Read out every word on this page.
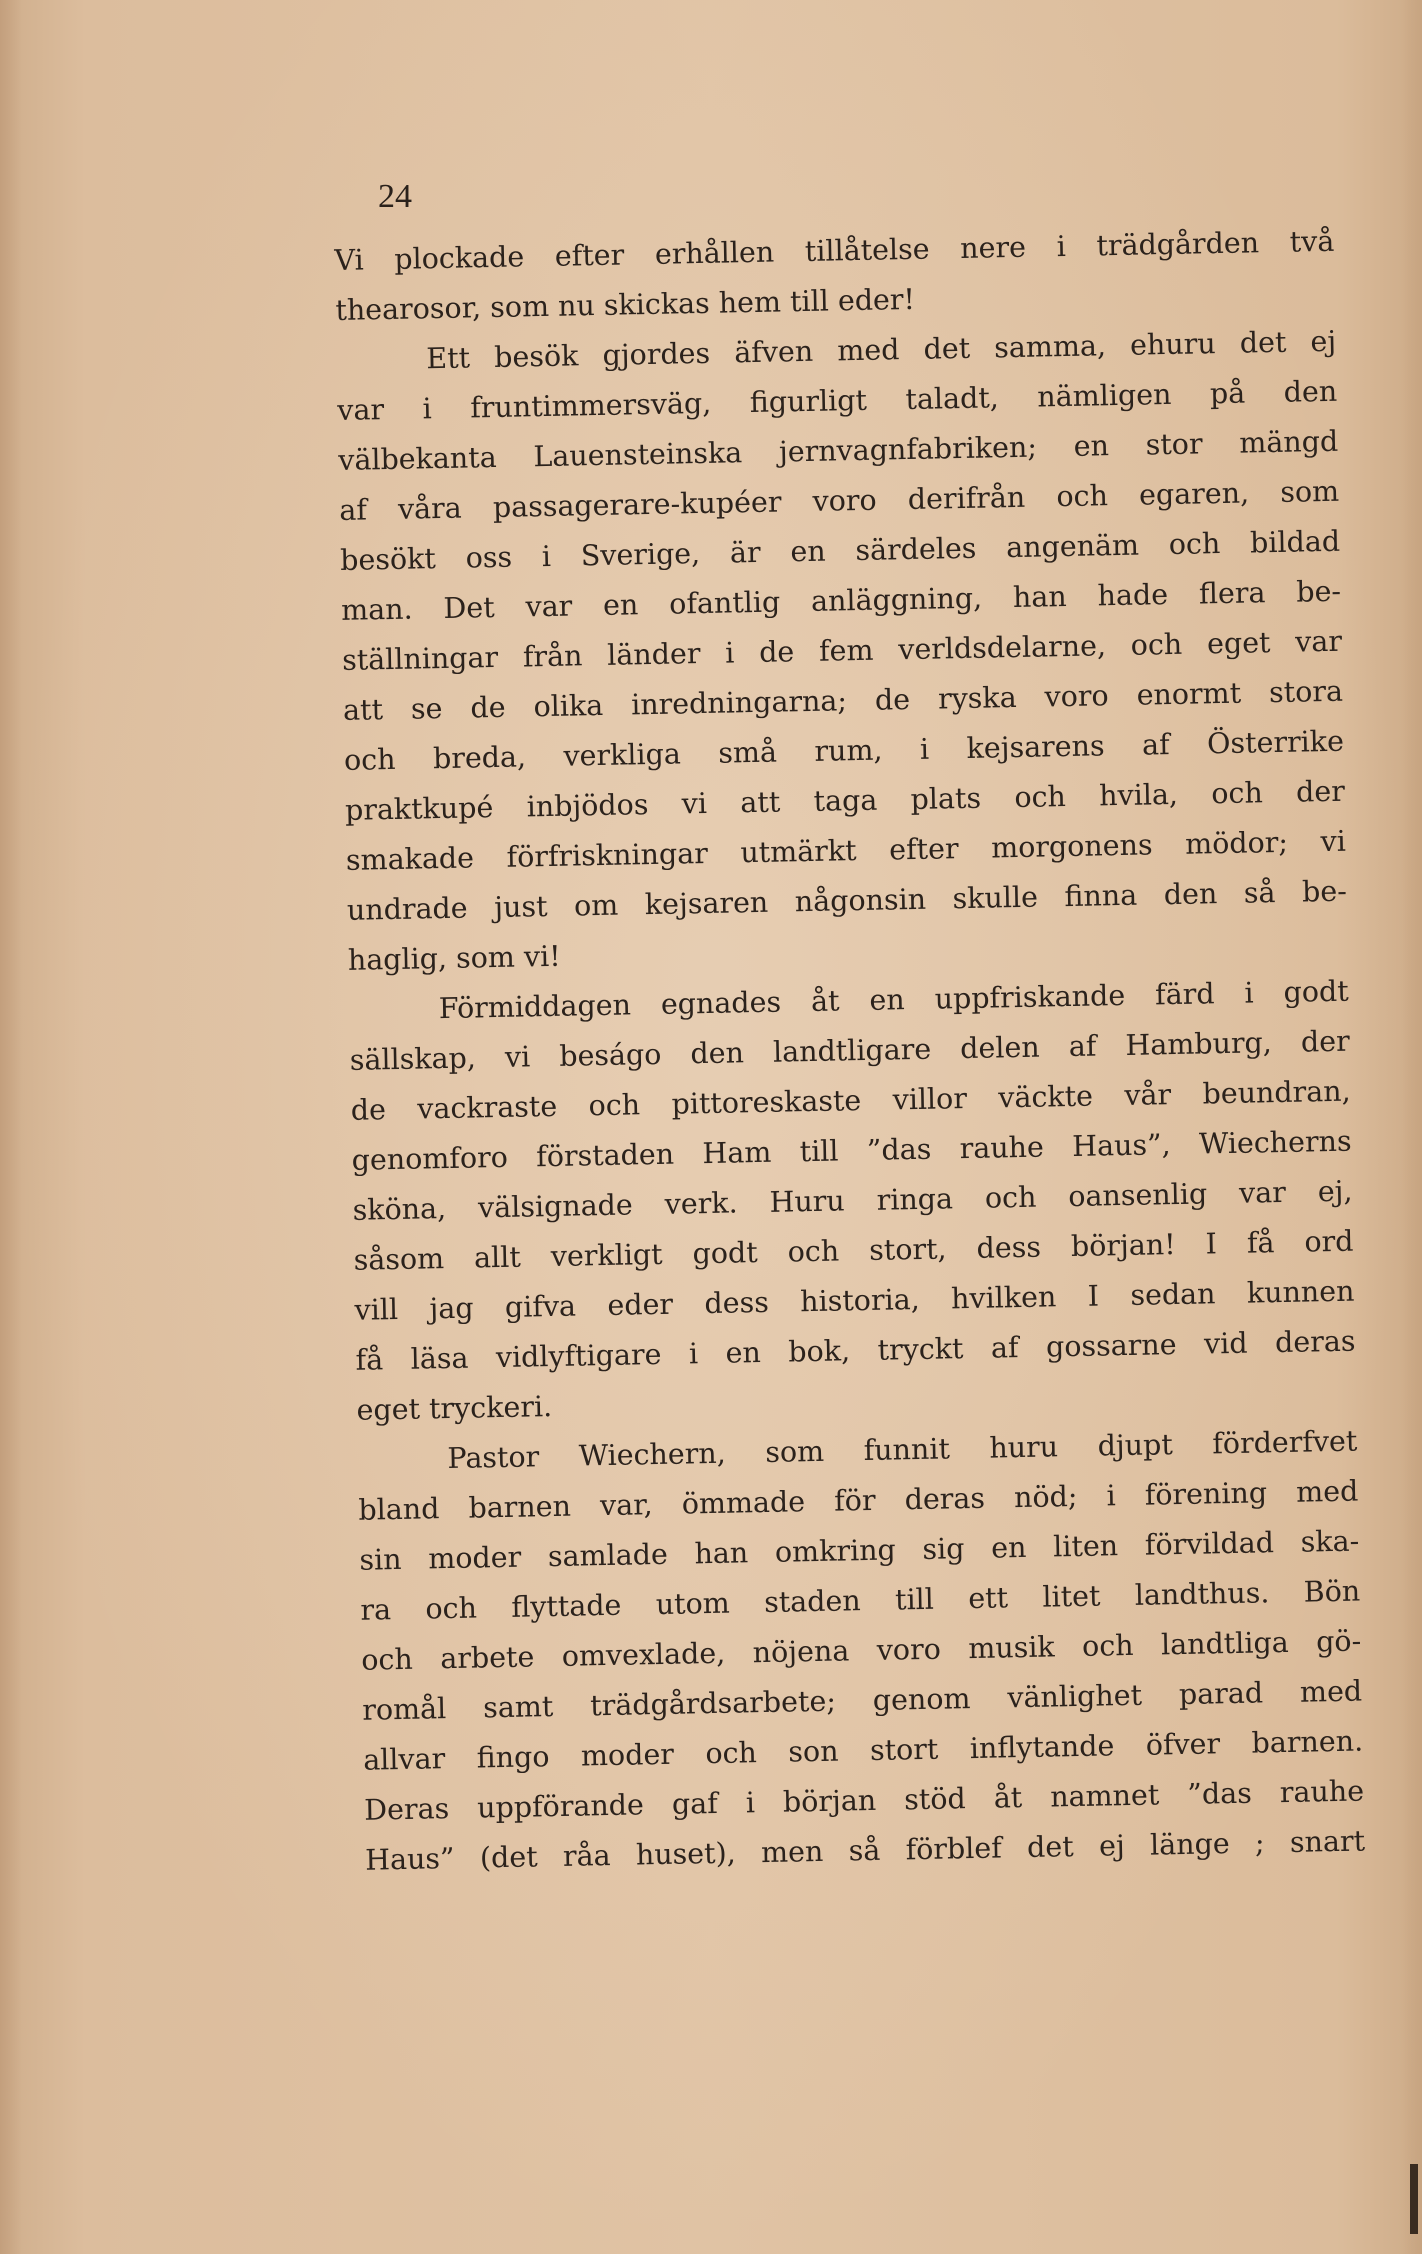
24
Vi plockade efter erhållen tillåtelse nere i trädgården två
thearosor, som nu skickas hem till eder!
Ett besök gjordes äfven med det samma, ehuru det ej
var i fruntimmersväg, figurligt taladt, nämligen på den
välbekanta Lauensteinska jernvagnfabriken; en stor mängd
af våra passagerare-kupéer voro derifrån och egaren, som
besökt oss i Sverige, är en särdeles angenäm och bildad
man. Det var en ofantlig anläggning, han hade flera be-
ställningar från länder i de fem verldsdelarne, och eget var
att se de olika inredningarna; de ryska voro enormt stora
och breda, verkliga små rum, i kejsarens af Österrike
praktkupé inbjödos vi att taga plats och hvila, och der
smakade förfriskningar utmärkt efter morgonens mödor; vi
undrade just om kejsaren någonsin skulle finna den så be-
haglig, som vi!
Förmiddagen egnades åt en uppfriskande färd i godt
sällskap, vi beságo den landtligare delen af Hamburg, der
de vackraste och pittoreskaste villor väckte vår beundran,
genomforo förstaden Ham till ”das rauhe Haus”, Wiecherns
sköna, välsignade verk. Huru ringa och oansenlig var ej,
såsom allt verkligt godt och stort, dess början! I få ord
vill jag gifva eder dess historia, hvilken I sedan kunnen
få läsa vidlyftigare i en bok, tryckt af gossarne vid deras
eget tryckeri.
Pastor Wiechern, som funnit huru djupt förderfvet
bland barnen var, ömmade för deras nöd; i förening med
sin moder samlade han omkring sig en liten förvildad ska-
ra och flyttade utom staden till ett litet landthus. Bön
och arbete omvexlade, nöjena voro musik och landtliga gö-
romål samt trädgårdsarbete; genom vänlighet parad med
allvar fingo moder och son stort inflytande öfver barnen.
Deras uppförande gaf i början stöd åt namnet ”das rauhe
Haus” (det råa huset), men så förblef det ej länge ; snart
